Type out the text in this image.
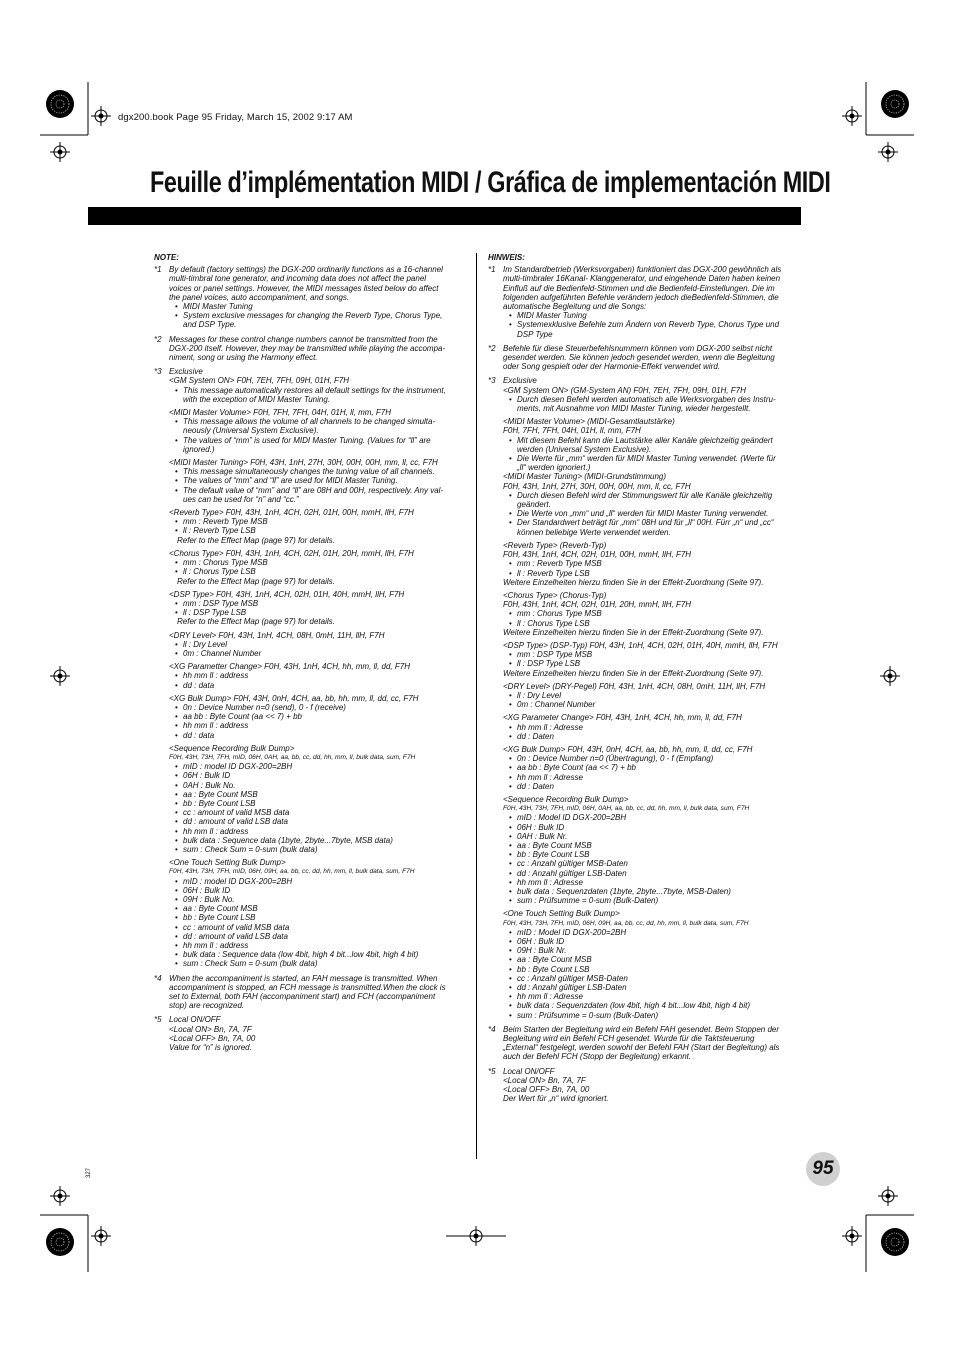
dgx200.book Page 95 Friday, March 15, 2002 9:17 AM
Feuille d’implémentation MIDI / Gráfica de implementación MIDI
NOTE:
*1 By default (factory settings) the DGX-200 ordinarily functions as a 16-channel
multi-timbral tone generator, and incoming data does not affect the panel
voices or panel settings. However, the MIDI messages listed below do affect
the panel voices, auto accompaniment, and songs.
• MIDI Master Tuning
• System exclusive messages for changing the Reverb Type, Chorus Type,
and DSP Type.
*2 Messages for these control change numbers cannot be transmitted from the
DGX-200 itself. However, they may be transmitted while playing the accompa-
niment, song or using the Harmony effect.
*3 Exclusive
<GM System ON> F0H, 7EH, 7FH, 09H, 01H, F7H
• This message automatically restores all default settings for the instrument,
with the exception of MIDI Master Tuning.
<MIDI Master Volume> F0H, 7FH, 7FH, 04H, 01H, ll, mm, F7H
• This message allows the volume of all channels to be changed simulta-
neously (Universal System Exclusive).
• The values of “mm” is used for MIDI Master Tuning. (Values for “ll” are
ignored.)
<MIDI Master Tuning> F0H, 43H, 1nH, 27H, 30H, 00H, 00H, mm, ll, cc, F7H
• This message simultaneously changes the tuning value of all channels.
• The values of “mm” and “ll” are used for MIDI Master Tuning.
• The default value of “mm” and “ll” are 08H and 00H, respectively. Any val-
ues can be used for “n” and “cc.”
<Reverb Type> F0H, 43H, 1nH, 4CH, 02H, 01H, 00H, mmH, llH, F7H
• mm : Reverb Type MSB
• ll : Reverb Type LSB
Refer to the Effect Map (page 97) for details.
<Chorus Type> F0H, 43H, 1nH, 4CH, 02H, 01H, 20H, mmH, llH, F7H
• mm : Chorus Type MSB
• ll : Chorus Type LSB
Refer to the Effect Map (page 97) for details.
<DSP Type> F0H, 43H, 1nH, 4CH, 02H, 01H, 40H, mmH, llH, F7H
• mm : DSP Type MSB
• ll : DSP Type LSB
Refer to the Effect Map (page 97) for details.
<DRY Level> F0H, 43H, 1nH, 4CH, 08H, 0mH, 11H, llH, F7H
• ll : Dry Level
• 0m : Channel Number
<XG Parametter Change> F0H, 43H, 1nH, 4CH, hh, mm, ll, dd, F7H
• hh mm ll : address
• dd : data
<XG Bulk Dump> F0H, 43H, 0nH, 4CH, aa, bb, hh, mm, ll, dd, cc, F7H
• 0n : Device Number n=0 (send), 0 - f (receive)
• aa bb : Byte Count (aa << 7) + bb
• hh mm ll : address
• dd : data
<Sequence Recording Bulk Dump>
F0H, 43H, 73H, 7FH, mID, 06H, 0AH, aa, bb, cc, dd, hh, mm, ll, bulk data, sum, F7H
• mID : model ID DGX-200=2BH
• 06H : Bulk ID
• 0AH : Bulk No.
• aa : Byte Count MSB
• bb : Byte Count LSB
• cc : amount of valid MSB data
• dd : amount of valid LSB data
• hh mm ll : address
• bulk data : Sequence data (1byte, 2byte...7byte, MSB data)
• sum : Check Sum = 0-sum (bulk data)
<One Touch Setting Bulk Dump>
F0H, 43H, 73H, 7FH, mID, 06H, 09H, aa, bb, cc, dd, hh, mm, ll, bulk data, sum, F7H
• mID : model ID DGX-200=2BH
• 06H : Bulk ID
• 09H : Bulk No.
• aa : Byte Count MSB
• bb : Byte Count LSB
• cc : amount of valid MSB data
• dd : amount of valid LSB data
• hh mm ll : address
• bulk data : Sequence data (low 4bit, high 4 bit...low 4bit, high 4 bit)
• sum : Check Sum = 0-sum (bulk data)
*4 When the accompaniment is started, an FAH message is transmitted. When
accompaniment is stopped, an FCH message is transmitted.When the clock is
set to External, both FAH (accompaniment start) and FCH (accompaniment
stop) are recognized.
*5 Local ON/OFF
<Local ON> Bn, 7A, 7F
<Local OFF> Bn, 7A, 00
Value for “n” is ignored.
HINWEIS:
*1 Im Standardbetrieb (Werksvorgaben) funktioniert das DGX-200 gewöhnlich als
multi-timbraler 16Kanal- Klanggenerator, und eingehende Daten haben keinen
Einfluß auf die Bedienfeld-Stimmen und die Bedienfeld-Einstellungen. Die im
folgenden aufgeführten Befehle verändern jedoch dieBedienfeld-Stimmen, die
automatische Begleitung und die Songs:
• MIDI Master Tuning
• Systemexklusive Befehle zum Ändern von Reverb Type, Chorus Type und
DSP Type
*2 Befehle für diese Steuerbefehlsnummern können vom DGX-200 selbst nicht
gesendet werden. Sie können jedoch gesendet werden, wenn die Begleitung
oder Song gespielt oder der Harmonie-Effekt verwendet wird.
*3 Exclusive
<GM System ON> (GM-System AN) F0H, 7EH, 7FH, 09H, 01H, F7H
• Durch diesen Befehl werden automatisch alle Werksvorgaben des Instru-
ments, mit Ausnahme von MIDI Master Tuning, wieder hergestellt.
<MIDI Master Volume> (MIDI-Gesamtlautstärke)
F0H, 7FH, 7FH, 04H, 01H, ll, mm, F7H
• Mit diesem Befehl kann die Lautstärke aller Kanäle gleichzeitig geändert
werden (Universal System Exclusive).
• Die Werte für „mm“ werden für MIDI Master Tuning verwendet. (Werte für
„ll“ werden ignoriert.)
<MIDI Master Tuning> (MIDI-Grundstimmung)
F0H, 43H, 1nH, 27H, 30H, 00H, 00H, mm, ll, cc, F7H
• Durch diesen Befehl wird der Stimmungswert für alle Kanäle gleichzeitig
geändert.
• Die Werte von „mm“ und „ll“ werden für MIDI Master Tuning verwendet.
• Der Standardwert beträgt für „mm“ 08H und für „ll“ 00H. Fürr „n“ und „cc“
können beliebige Werte verwendet werden.
<Reverb Type> (Reverb-Typ)
F0H, 43H, 1nH, 4CH, 02H, 01H, 00H, mmH, llH, F7H
• mm : Reverb Type MSB
• ll : Reverb Type LSB
Weitere Einzelheiten hierzu finden Sie in der Effekt-Zuordnung (Seite 97).
<Chorus Type> (Chorus-Typ)
F0H, 43H, 1nH, 4CH, 02H, 01H, 20H, mmH, llH, F7H
• mm : Chorus Type MSB
• ll : Chorus Type LSB
Weitere Einzelheiten hierzu finden Sie in der Effekt-Zuordnung (Seite 97).
<DSP Type> (DSP-Typ) F0H, 43H, 1nH, 4CH, 02H, 01H, 40H, mmH, llH, F7H
• mm : DSP Type MSB
• ll : DSP Type LSB
Weitere Einzelheiten hierzu finden Sie in der Effekt-Zuordnung (Seite 97).
<DRY Level> (DRY-Pegel) F0H, 43H, 1nH, 4CH, 08H, 0mH, 11H, llH, F7H
• ll : Dry Level
• 0m : Channel Number
<XG Parameter Change> F0H, 43H, 1nH, 4CH, hh, mm, ll, dd, F7H
• hh mm ll : Adresse
• dd : Daten
<XG Bulk Dump> F0H, 43H, 0nH, 4CH, aa, bb, hh, mm, ll, dd, cc, F7H
• 0n : Device Number n=0 (Übertragung), 0 - f (Empfang)
• aa bb : Byte Count (aa << 7) + bb
• hh mm ll : Adresse
• dd : Daten
<Sequence Recording Bulk Dump>
F0H, 43H, 73H, 7FH, mID, 06H, 0AH, aa, bb, cc, dd, hh, mm, ll, bulk data, sum, F7H
• mID : Model ID DGX-200=2BH
• 06H : Bulk ID
• 0AH : Bulk Nr.
• aa : Byte Count MSB
• bb : Byte Count LSB
• cc : Anzahl gültiger MSB-Daten
• dd : Anzahl gültiger LSB-Daten
• hh mm ll : Adresse
• bulk data : Sequenzdaten (1byte, 2byte...7byte, MSB-Daten)
• sum : Prüfsumme = 0-sum (Bulk-Daten)
<One Touch Setting Bulk Dump>
F0H, 43H, 73H, 7FH, mID, 06H, 09H, aa, bb, cc, dd, hh, mm, ll, bulk data, sum, F7H
• mID : Model ID DGX-200=2BH
• 06H : Bulk ID
• 09H : Bulk Nr.
• aa : Byte Count MSB
• bb : Byte Count LSB
• cc : Anzahl gültiger MSB-Daten
• dd : Anzahl gültiger LSB-Daten
• hh mm ll : Adresse
• bulk data : Sequenzdaten (low 4bit, high 4 bit...low 4bit, high 4 bit)
• sum : Prüfsumme = 0-sum (Bulk-Daten)
*4 Beim Starten der Begleitung wird ein Befehl FAH gesendet. Beim Stoppen der
Begleitung wird ein Befehl FCH gesendet. Wurde für die Taktsteuerung
„External“ festgelegt, werden sowohl der Befehl FAH (Start der Begleitung) als
auch der Befehl FCH (Stopp der Begleitung) erkannt.
*5 Local ON/OFF
<Local ON> Bn, 7A, 7F
<Local OFF> Bn, 7A, 00
Der Wert für „n“ wird ignoriert.
95
327
